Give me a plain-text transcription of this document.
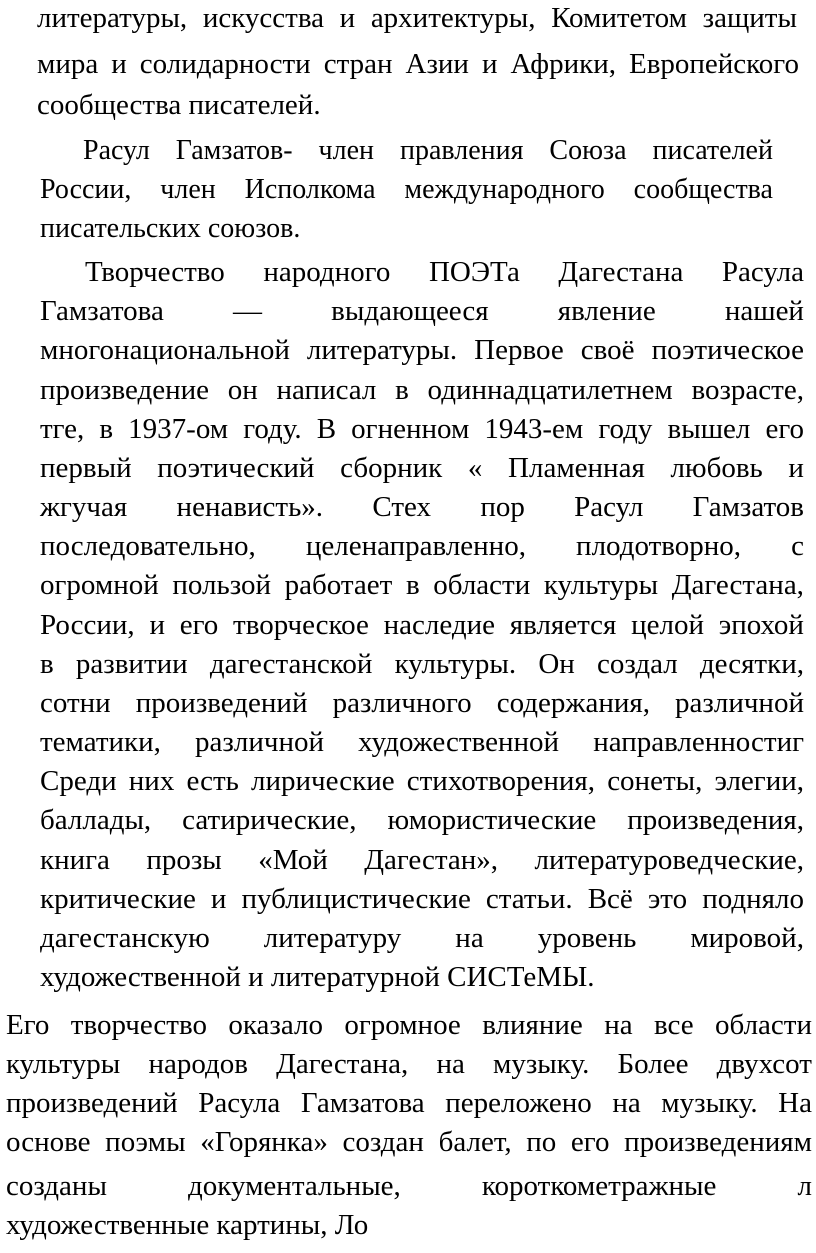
литературы, искусства и архитектуры, Комитетом защиты

мира и солидарности стран Азии и Африки, Европейского

сообщества писателей.

Расул Гамзатов- член правления Союза писателей

России, член Исполкома международного сообщества

писательских союзов.

Творчество народного ПОЭТа Дагестана Расула

Гамзатова — выдающееся явление нашей

многонациональной литературы. Первое своё поэтическое

произведение он написал в одиннадцатилетнем возрасте,

тге, в 1937-ом году. В огненном 1943-ем году вышел его

первый поэтический сборник « Пламенная любовь и

жгучая ненависть». Стех пор Расул Гамзатов

последовательно, целенаправленно, плодотворно, с

огромной пользой работает в области культуры Дагестана,

России, и его творческое наследие является целой эпохой

в развитии дагестанской культуры. Он создал десятки,

сотни произведений различного содержания, различной

тематики, различной художественной направленностиг

Среди них есть лирические стихотворения, сонеты, элегии,

баллады, сатирические, юмористические произведения,

книга прозы «Мой Дагестан», литературоведческие,

критические и публицистические статьи. Всё это подняло

дагестанскую литературу на уровень мировой,

художественной и литературной СИСТеМЫ.

Его творчество оказало огромное влияние на все области

культуры народов Дагестана, на музыку. Более двухсот

произведений Расула Гамзатова переложено на музыку. На

основе поэмы «Горянка» создан балет, по его произведениям

созданы	документальные,	короткометражные	л

художественные картины, Ло
